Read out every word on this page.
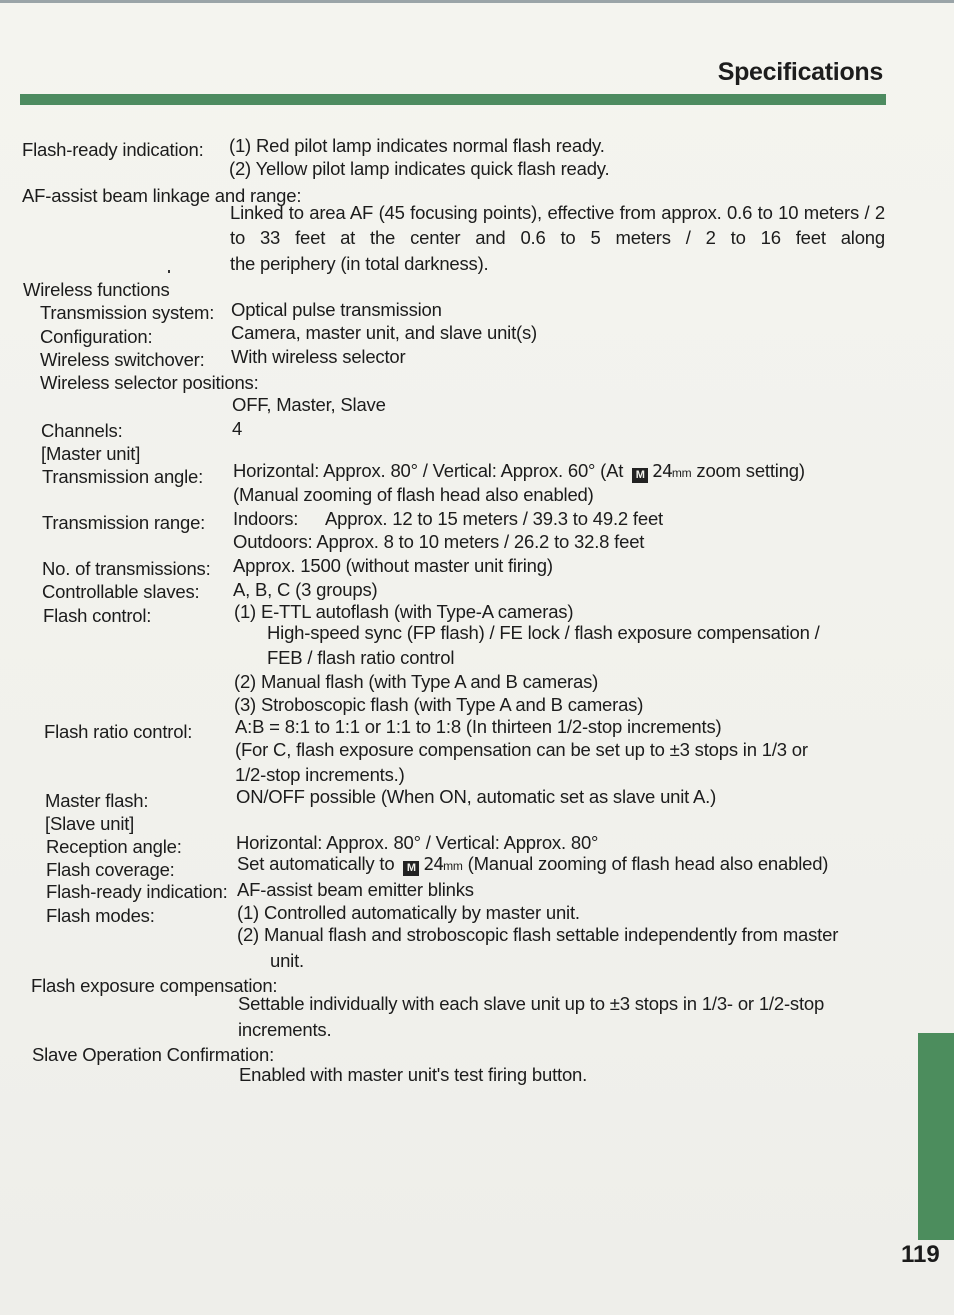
Specifications
Flash-ready indication: (1) Red pilot lamp indicates normal flash ready.
(2) Yellow pilot lamp indicates quick flash ready.
AF-assist beam linkage and range:
Linked to area AF (45 focusing points), effective from approx. 0.6 to 10 meters / 2 to 33 feet at the center and 0.6 to 5 meters / 2 to 16 feet along
the periphery (in total darkness).
Wireless functions
Transmission system: Optical pulse transmission
Configuration:	Camera, master unit, and slave unit(s)
Wireless switchover: With wireless selector
Wireless selector positions:
OFF, Master, Slave
Channels:	4
[Master unit]
Transmission angle: Horizontal: Approx. 80° / Vertical: Approx. 60° (At M 24mm zoom setting)
(Manual zooming of flash head also enabled)
Transmission range: Indoors: Approx. 12 to 15 meters / 39.3 to 49.2 feet
Outdoors: Approx. 8 to 10 meters / 26.2 to 32.8 feet
No. of transmissions: Approx. 1500 (without master unit firing)
Controllable slaves: A, B, C (3 groups)
Flash control:	(1) E-TTL autoflash (with Type-A cameras)
High-speed sync (FP flash) / FE lock / flash exposure compensation /
FEB / flash ratio control
(2) Manual flash (with Type A and B cameras)
(3) Stroboscopic flash (with Type A and B cameras)
Flash ratio control: A:B = 8:1 to 1:1 or 1:1 to 1:8 (In thirteen 1/2-stop increments)
(For C, flash exposure compensation can be set up to ±3 stops in 1/3 or
1/2-stop increments.)
Master flash:	ON/OFF possible (When ON, automatic set as slave unit A.)
[Slave unit]
Reception angle:	Horizontal: Approx. 80° / Vertical: Approx. 80°
Flash coverage:	Set automatically to M 24mm (Manual zooming of flash head also enabled)
Flash-ready indication: AF-assist beam emitter blinks
Flash modes:	(1) Controlled automatically by master unit.
(2) Manual flash and stroboscopic flash settable independently from master
unit.
Flash exposure compensation:
Settable individually with each slave unit up to ±3 stops in 1/3- or 1/2-stop
increments.
Slave Operation Confirmation:
Enabled with master unit's test firing button.
119
